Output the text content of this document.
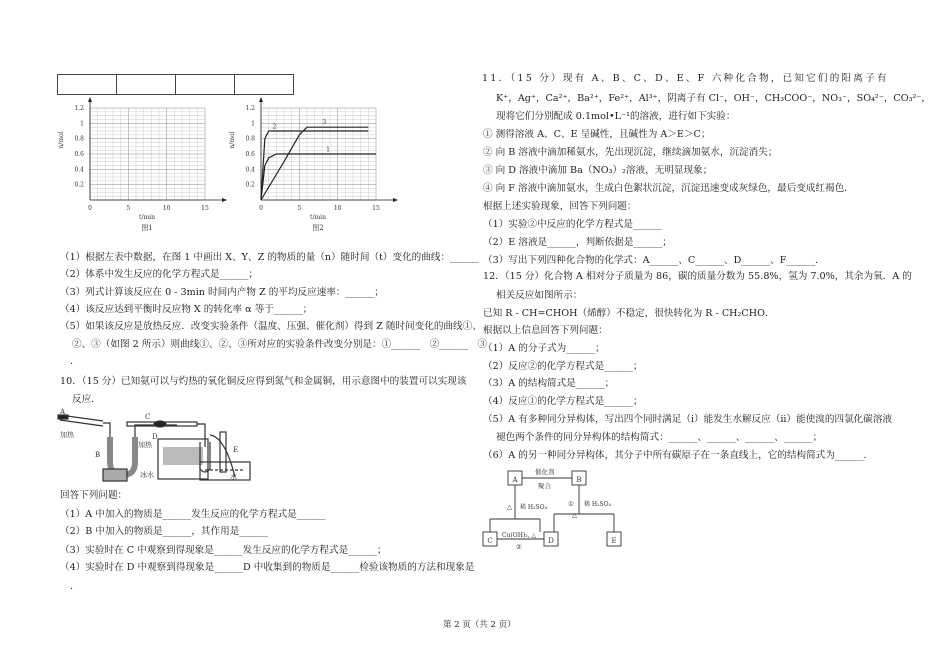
1.2
1
0.8
0.6
0.4
0.2
0	5	10	15
t/min
n/mol
图1
1.2
1
0.8
0.6
0.4
0.2
0	5	10	15
t/min
n/mol
图2
1
2
3
（1）根据左表中数据，在图 1 中画出 X、Y、Z 的物质的量（n）随时间（t）变化的曲线：______
（2）体系中发生反应的化学方程式是______；
（3）列式计算该反应在 0 - 3min 时间内产物 Z 的平均反应速率：______；
（4）该反应达到平衡时反应物 X 的转化率 α 等于______；
（5）如果该反应是放热反应．改变实验条件（温度、压强、催化剂）得到 Z 随时间变化的曲线①、
②、③（如图 2 所示）则曲线①、②、③所对应的实验条件改变分别是：①______　②______　③
．
10．（15 分）已知氨可以与灼热的氧化铜反应得到氮气和金属铜，用示意图中的装置可以实现该
反应．
A
加热
B
C
D
加热
冰水
E
水
回答下列问题：
（1）A 中加入的物质是______发生反应的化学方程式是______
（2）B 中加入的物质是______，其作用是______
（3）实验时在 C 中观察到得现象是______发生反应的化学方程式是______；
（4）实验时在 D 中观察到得现象是______D 中收集到的物质是______检验该物质的方法和现象是
．
11．（15 分）现有 A、B、C、D、E、F 六种化合物，已知它们的阳离子有
K⁺，Ag⁺，Ca²⁺，Ba²⁺，Fe²⁺，Al³⁺，阴离子有 Cl⁻，OH⁻，CH₃COO⁻，NO₃⁻，SO₄²⁻，CO₃²⁻，
现将它们分别配成 0.1mol•L⁻¹的溶液，进行如下实验：
① 测得溶液 A、C、E 呈碱性，且碱性为 A＞E＞C；
② 向 B 溶液中滴加稀氨水，先出现沉淀，继续滴加氨水，沉淀消失；
③ 向 D 溶液中滴加 Ba（NO₃）₂溶液，无明显现象；
④ 向 F 溶液中滴加氨水，生成白色絮状沉淀，沉淀迅速变成灰绿色，最后变成红褐色．
根据上述实验现象，回答下列问题：
（1）实验②中反应的化学方程式是______
（2）E 溶液是______，判断依据是______；
（3）写出下列四种化合物的化学式：A______、C______、D______、F______．
12．（15 分）化合物 A 相对分子质量为 86，碳的质量分数为 55.8%，氢为 7.0%，其余为氧．A 的
相关反应如图所示：
已知 R - CH=CHOH（烯醇）不稳定，很快转化为 R - CH₂CHO．
根据以上信息回答下列问题：
（1）A 的分子式为______；
（2）反应②的化学方程式是______；
（3）A 的结构简式是______；
（4）反应①的化学方程式是______；
（5）A 有多种同分异构体，写出四个同时满足（i）能发生水解反应（ii）能使溴的四氯化碳溶液
褪色两个条件的同分异构体的结构简式：______、______、______、______；
（6）A 的另一种同分异构体，其分子中所有碳原子在一条直线上，它的结构简式为______．
A	B
C	D	E
催化剂
聚合
△ 稀 H₂SO₄	① 稀 H₂SO₄
△
Cu(OH)₂, △
②
第 2 页（共 2 页）
